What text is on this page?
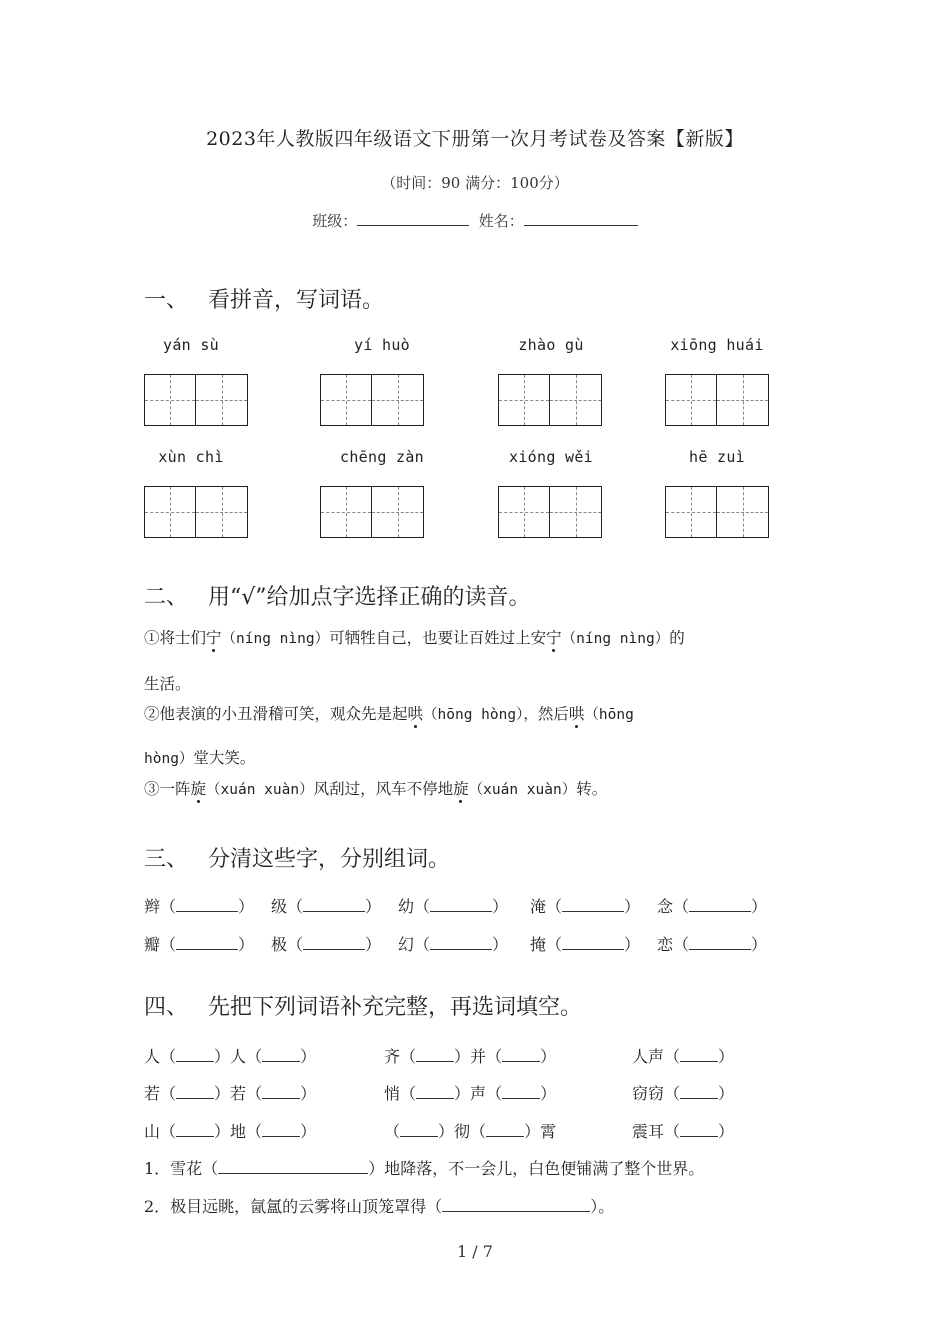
2023年人教版四年级语文下册第一次月考试卷及答案【新版】
（时间：90 满分：100分）
班级：	姓名：
一、 看拼音，写词语。
yán sù	yí huò	zhào gù	xiōng huái
xùn chì	chēng zàn	xióng wěi	hē zuì
二、 用“√”给加点字选择正确的读音。
①将士们宁（níng nìng）可牺牲自己，也要让百姓过上安宁（níng nìng）的
生活。
②他表演的小丑滑稽可笑，观众先是起哄（hōng hòng），然后哄（hōng
hòng）堂大笑。
③一阵旋（xuán xuàn）风刮过，风车不停地旋（xuán xuàn）转。
三、 分清这些字，分别组词。
辫（	）	级（	）	幼（	）	淹（	）	念（	）
瓣（	）	极（	）	幻（	）	掩（	）	恋（	）
四、 先把下列词语补充完整，再选词填空。
人（ ）人（ ）	齐（ ）并（ ）	人声（ ）
若（ ）若（ ）	悄（ ）声（ ）	窃窃（ ）
山（ ）地（ ）	（ ）彻（ ）霄	震耳（ ）
1．雪花（	）地降落，不一会儿，白色便铺满了整个世界。
2．极目远眺，氤氲的云雾将山顶笼罩得（	）。
1 / 7
